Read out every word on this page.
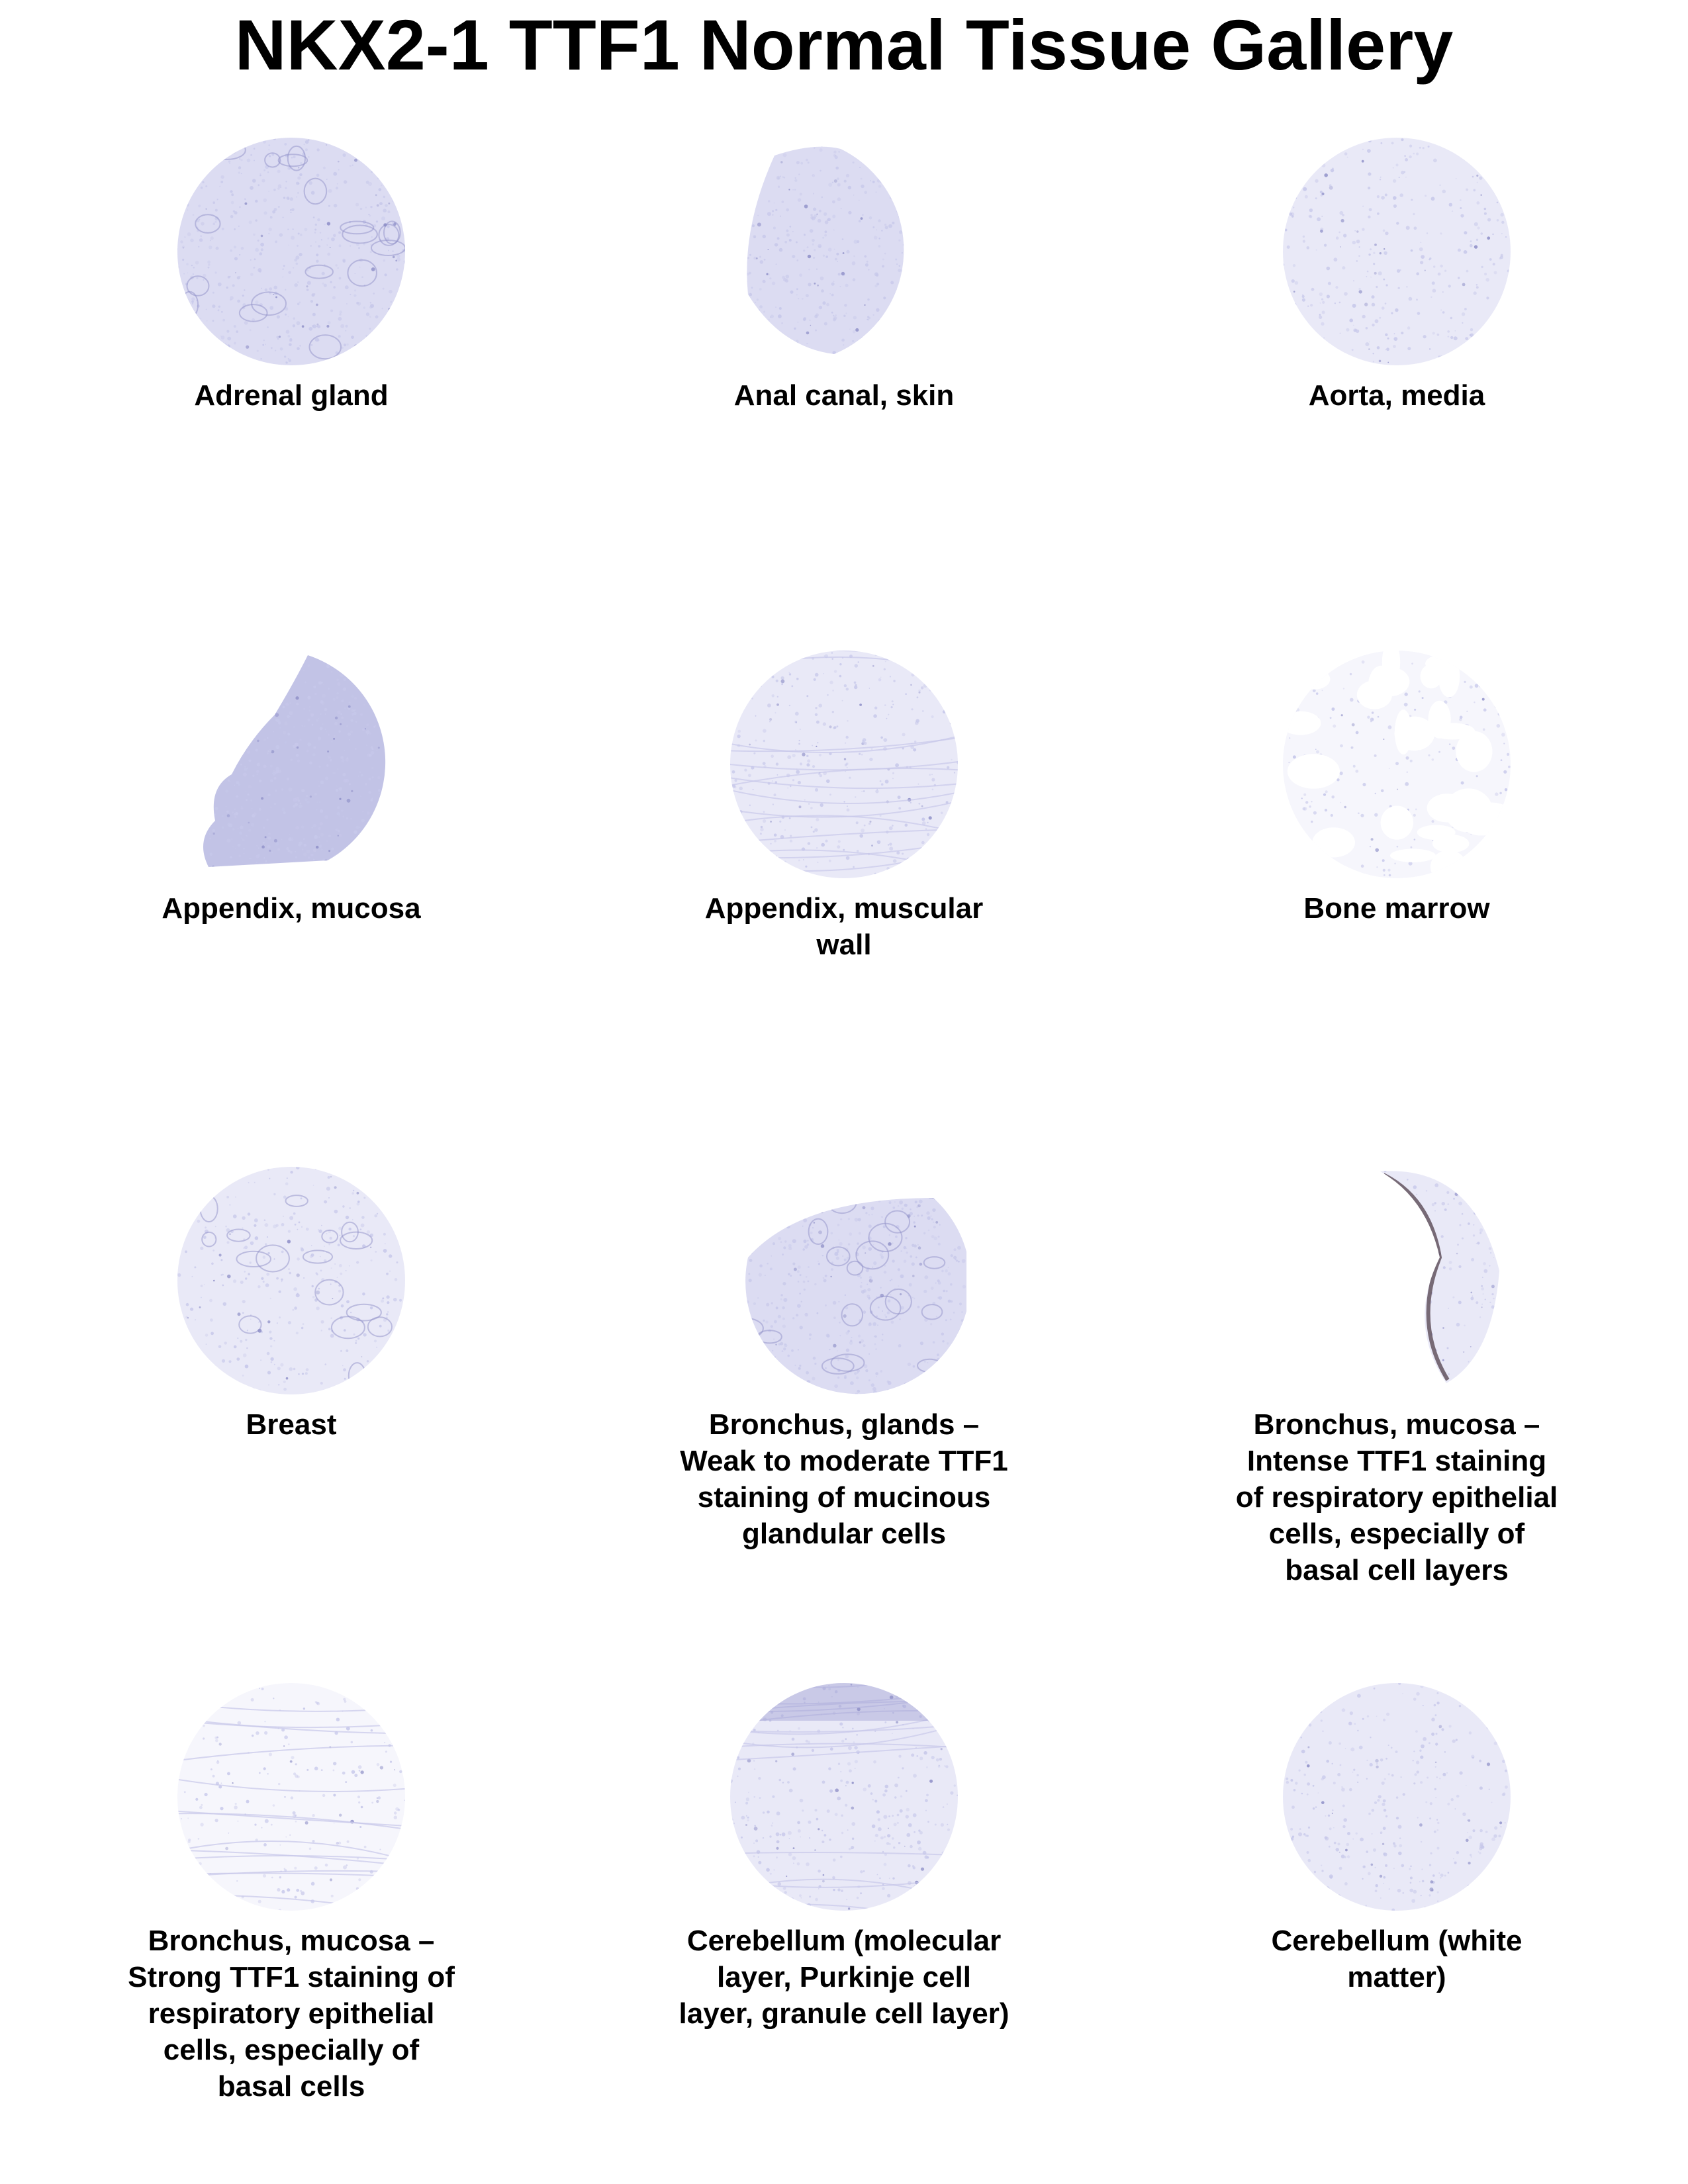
NKX2-1 TTF1 Normal Tissue Gallery
Adrenal gland	Anal canal, skin	Aorta, media
Appendix, mucosa	Appendix, muscular wall
Bone marrow
Breast	Bronchus, glands – Weak to moderate TTF1 staining of mucinous glandular cells
Bronchus, mucosa – Intense TTF1 staining of respiratory epithelial cells, especially of basal cell layers
Bronchus, mucosa – Strong TTF1 staining of respiratory epithelial cells, especially of basal cells
Cerebellum (molecular layer, Purkinje cell layer, granule cell layer)
Cerebellum (white matter)
